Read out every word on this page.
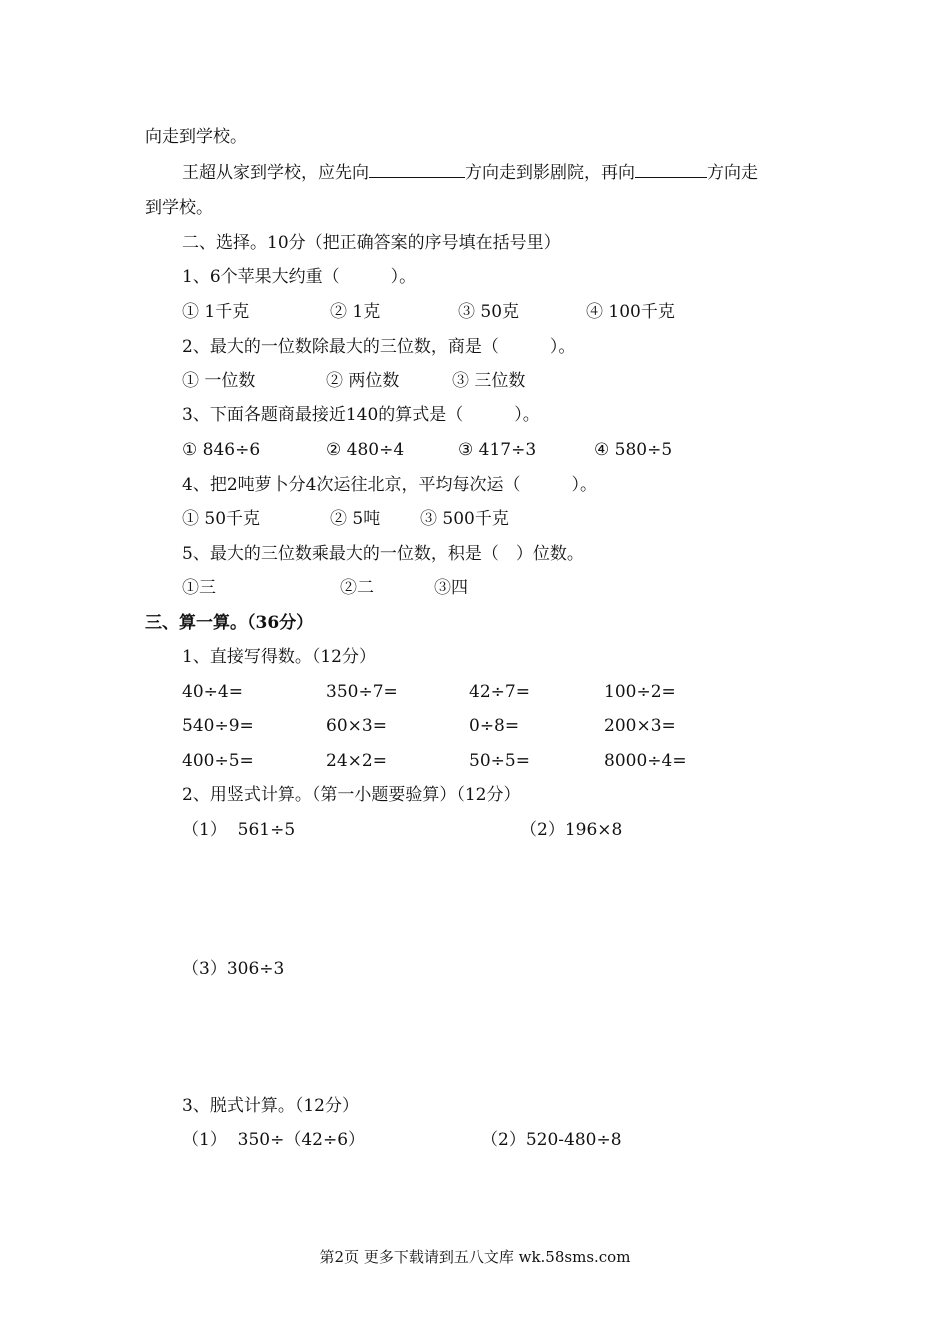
向走到学校。
王超从家到学校，应先向	方向走到影剧院，再向	方向走
到学校。
二、选择。10分（把正确答案的序号填在括号里）
1、6个苹果大约重（　　　）。
① 1千克	② 1克	③ 50克	④ 100千克
2、最大的一位数除最大的三位数，商是（　　　）。
① 一位数	② 两位数	③ 三位数
3、下面各题商最接近140的算式是（　　　）。
① 846÷6	② 480÷4	③ 417÷3	④ 580÷5
4、把2吨萝卜分4次运往北京，平均每次运（　　　）。
① 50千克	② 5吨 ③ 500千克
5、最大的三位数乘最大的一位数，积是（　）位数。
①三	②二	③四
三、算一算。（36分）
1、直接写得数。（12分）
40÷4=	350÷7=	42÷7=	100÷2=
540÷9=	60×3=	0÷8=	200×3=
400÷5=	24×2=	50÷5=	8000÷4=
2、用竖式计算。（第一小题要验算）（12分）
（1）  561÷5	（2）196×8
（3）306÷3
3、脱式计算。（12分）
（1）  350÷（42÷6）	（2）520-480÷8
第2页 更多下载请到五八文库 wk.58sms.com
